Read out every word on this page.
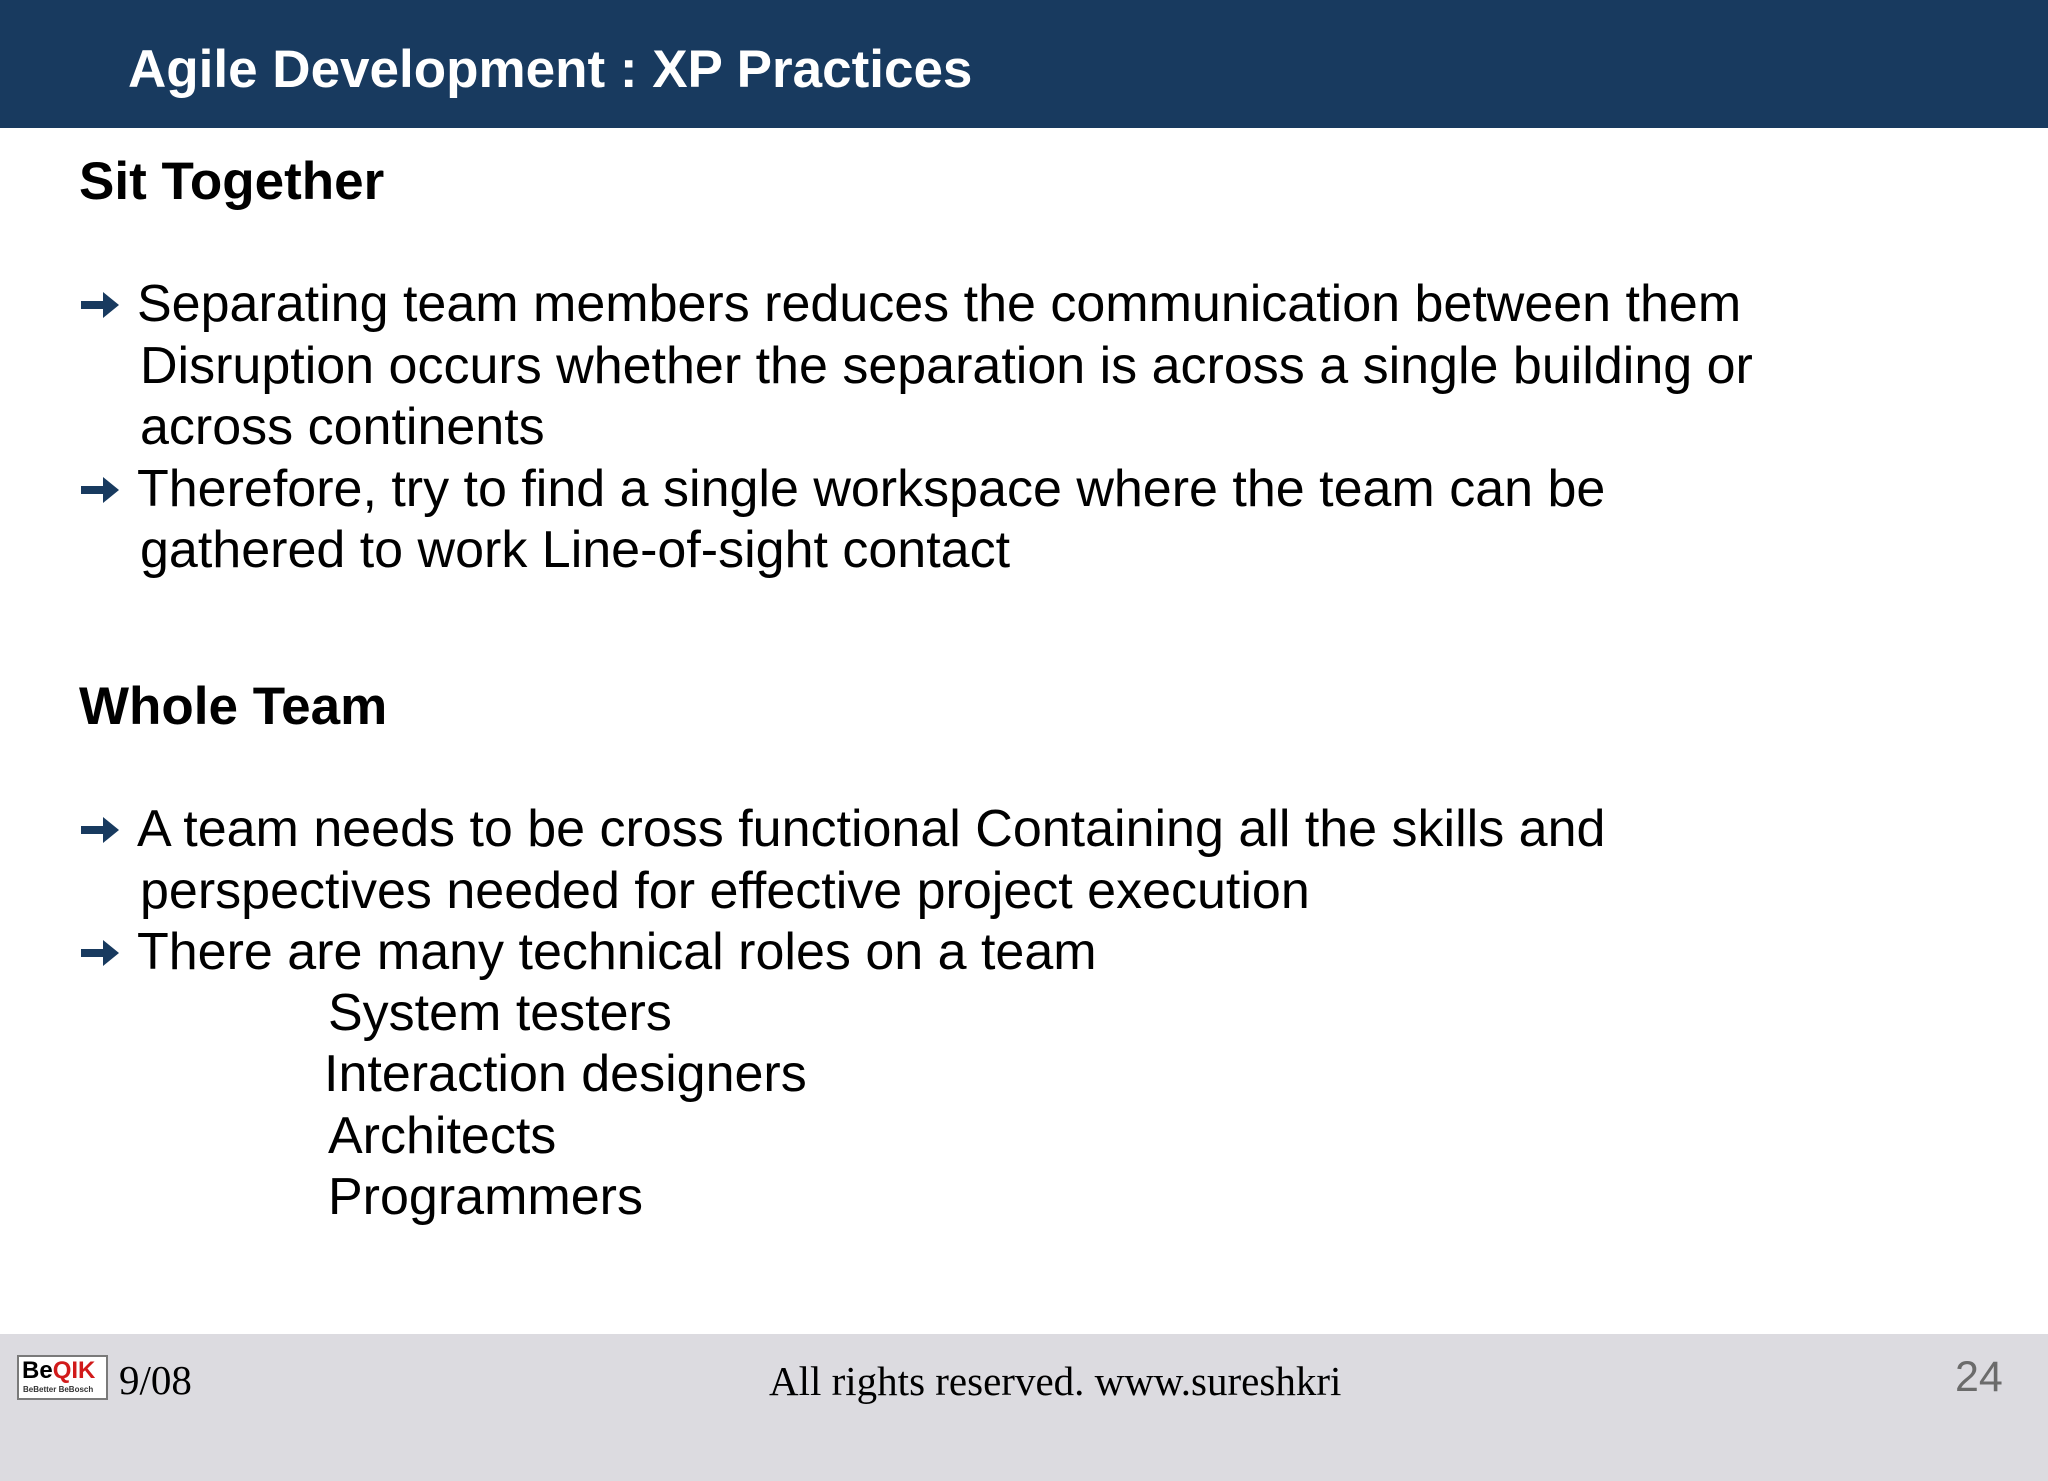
Agile Development : XP Practices
Sit Together
Separating team members reduces the communication between them
Disruption occurs whether the separation is across a single building or
across continents
Therefore, try to find a single workspace where the team can be
gathered to work Line-of-sight contact
Whole Team
A team needs to be cross functional Containing all the skills and
perspectives needed for effective project execution
There are many technical roles on a team
System testers
Interaction designers
Architects
Programmers
BeQIK
BeBetter BeBosch 9/08	All rights reserved. www.sureshkri	24
